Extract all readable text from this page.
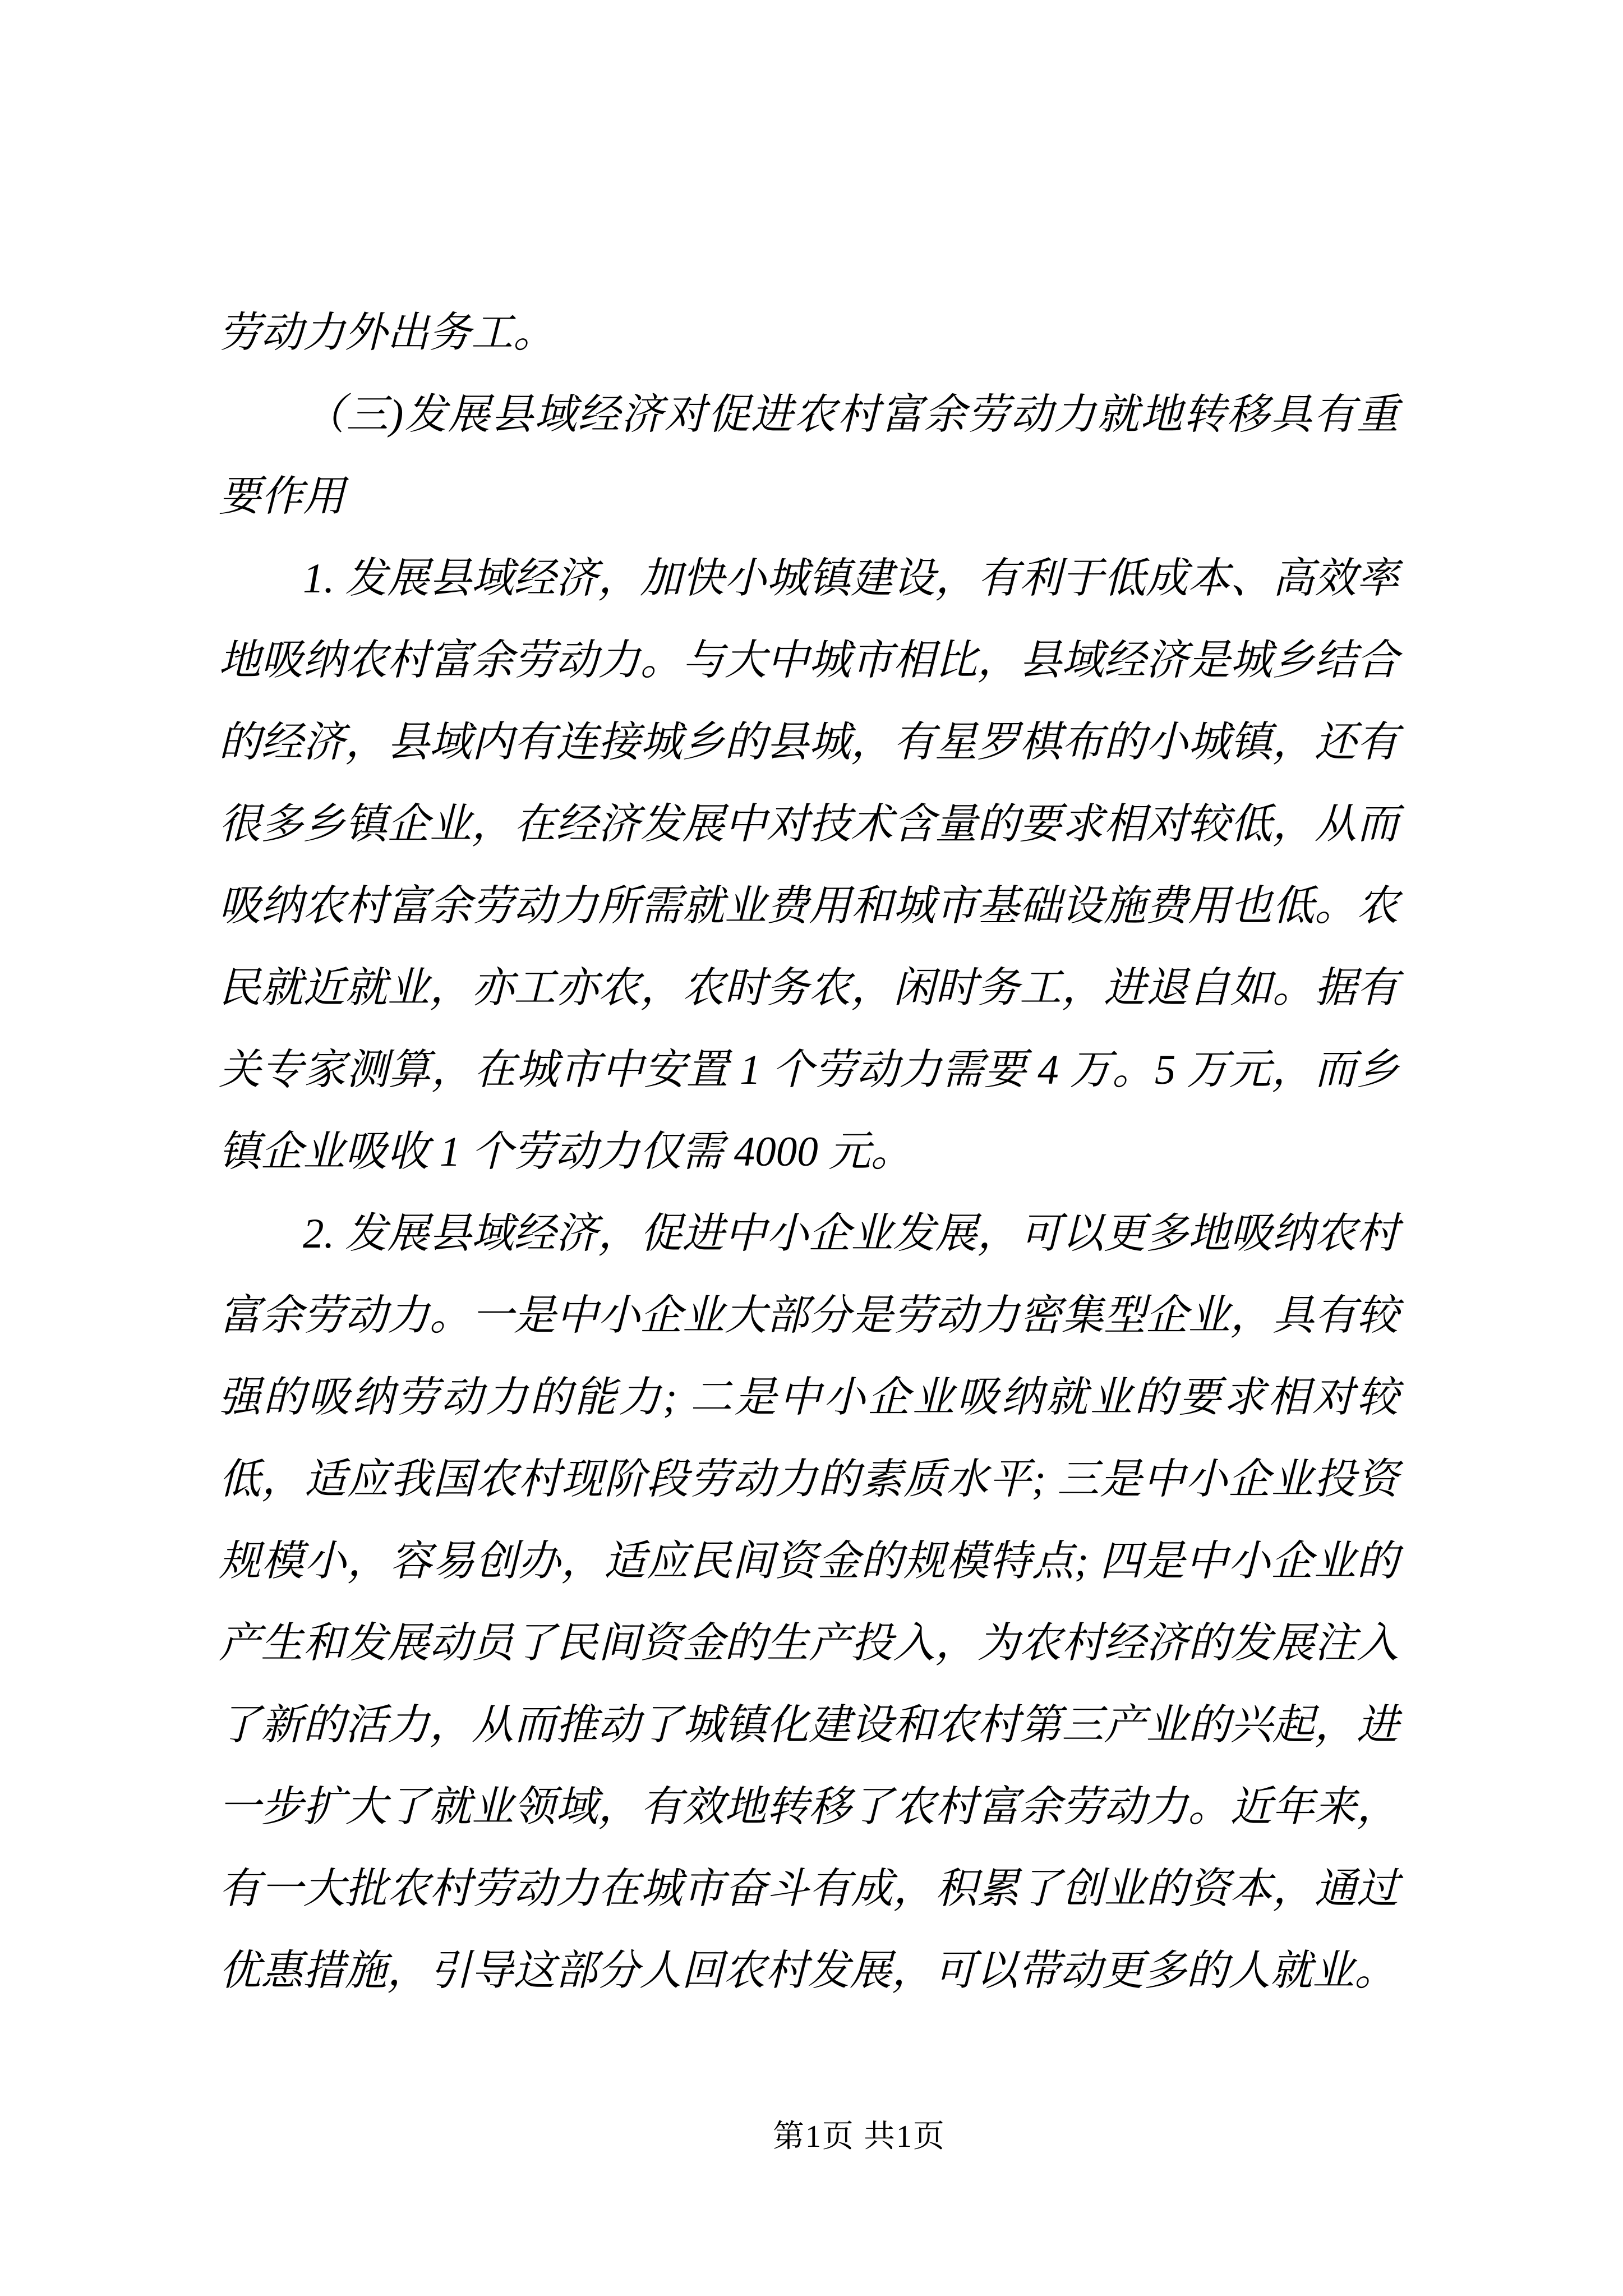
劳动力外出务工。

（三)发展县域经济对促进农村富余劳动力就地转移具有重要作用

1. 发展县域经济，加快小城镇建设，有利于低成本、高效率地吸纳农村富余劳动力。与大中城市相比，县域经济是城乡结合的经济，县域内有连接城乡的县城，有星罗棋布的小城镇，还有很多乡镇企业，在经济发展中对技术含量的要求相对较低，从而吸纳农村富余劳动力所需就业费用和城市基础设施费用也低。农民就近就业，亦工亦农，农时务农，闲时务工，进退自如。据有关专家测算，在城市中安置 1 个劳动力需要 4 万。5 万元，而乡镇企业吸收 1 个劳动力仅需 4000 元。

2. 发展县域经济，促进中小企业发展，可以更多地吸纳农村富余劳动力。一是中小企业大部分是劳动力密集型企业，具有较强的吸纳劳动力的能力; 二是中小企业吸纳就业的要求相对较低，适应我国农村现阶段劳动力的素质水平; 三是中小企业投资规模小，容易创办，适应民间资金的规模特点; 四是中小企业的产生和发展动员了民间资金的生产投入，为农村经济的发展注入了新的活力，从而推动了城镇化建设和农村第三产业的兴起，进一步扩大了就业领域，有效地转移了农村富余劳动力。近年来，有一大批农村劳动力在城市奋斗有成，积累了创业的资本，通过优惠措施，引导这部分人回农村发展，可以带动更多的人就业。

第1页 共1页
